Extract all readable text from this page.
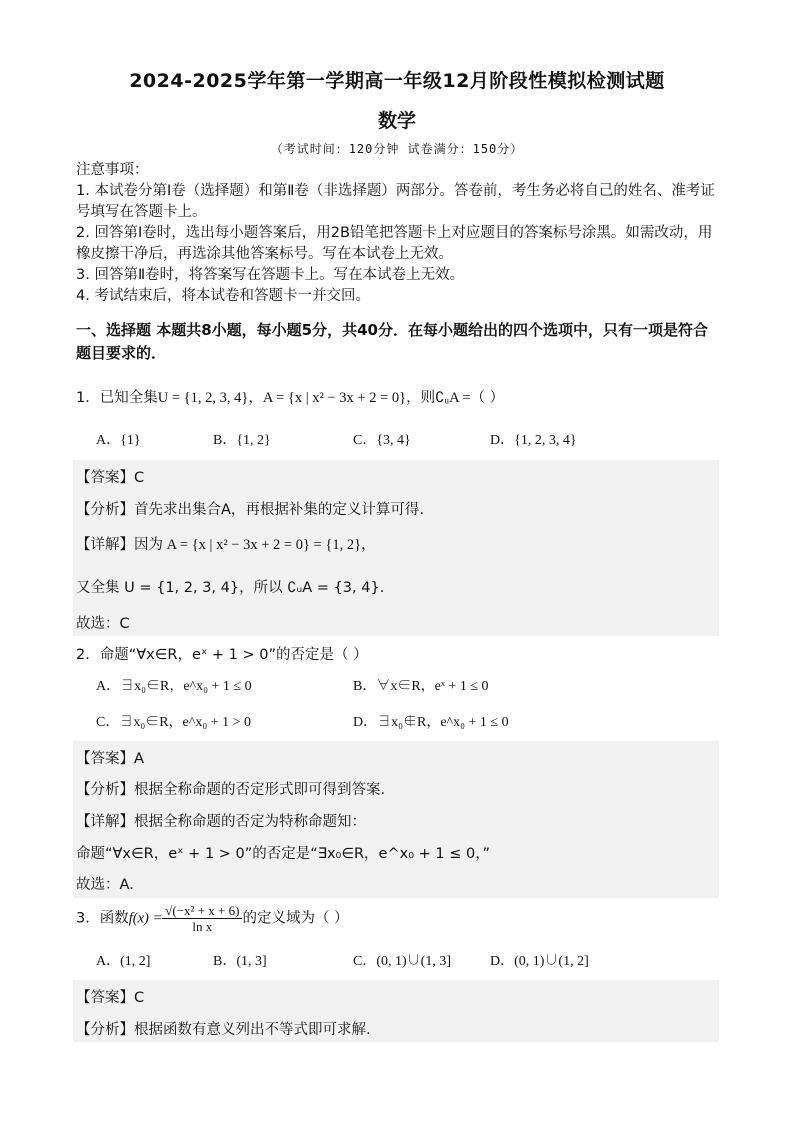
2024-2025学年第一学期高一年级12月阶段性模拟检测试题
数学
（考试时间：120分钟 试卷满分：150分）
注意事项：
1. 本试卷分第Ⅰ卷（选择题）和第Ⅱ卷（非选择题）两部分。答卷前，考生务必将自己的姓名、准考证号填写在答题卡上。
2. 回答第Ⅰ卷时，选出每小题答案后，用2B铅笔把答题卡上对应题目的答案标号涂黑。如需改动，用橡皮擦干净后，再选涂其他答案标号。写在本试卷上无效。
3. 回答第Ⅱ卷时，将答案写在答题卡上。写在本试卷上无效。
4. 考试结束后，将本试卷和答题卡一并交回。
一、选择题 本题共8小题，每小题5分，共40分．在每小题给出的四个选项中，只有一项是符合题目要求的．
1．已知全集U = {1, 2, 3, 4}，A = {x | x² − 3x + 2 = 0}，则∁ᵤA =（ ）
A．{1}	B．{1, 2}	C．{3, 4}	D．{1, 2, 3, 4}
【答案】C
【分析】首先求出集合A，再根据补集的定义计算可得.
【详解】因为 A = {x | x² − 3x + 2 = 0} = {1, 2}，
又全集 U = {1, 2, 3, 4}，所以 ∁ᵤA = {3, 4}.
故选：C
2．命题“∀x∈R，eˣ + 1 > 0”的否定是（ ）
A．∃x₀∈R，e^x₀ + 1 ≤ 0	B．∀x∈R，eˣ + 1 ≤ 0
C．∃x₀∈R，e^x₀ + 1 > 0	D．∃x₀∉R，e^x₀ + 1 ≤ 0
【答案】A
【分析】根据全称命题的否定形式即可得到答案.
【详解】根据全称命题的否定为特称命题知：
命题“∀x∈R，eˣ + 1 > 0”的否定是“∃x₀∈R，e^x₀ + 1 ≤ 0，”
故选：A.
3．函数$f(x) = \frac{\text{√(−x² + x + 6)}}{\text{ln x}}$ 的定义域为（ ）
A．(1, 2]	B．(1, 3]	C．(0, 1)∪(1, 3]	D．(0, 1)∪(1, 2]
【答案】C
【分析】根据函数有意义列出不等式即可求解.
